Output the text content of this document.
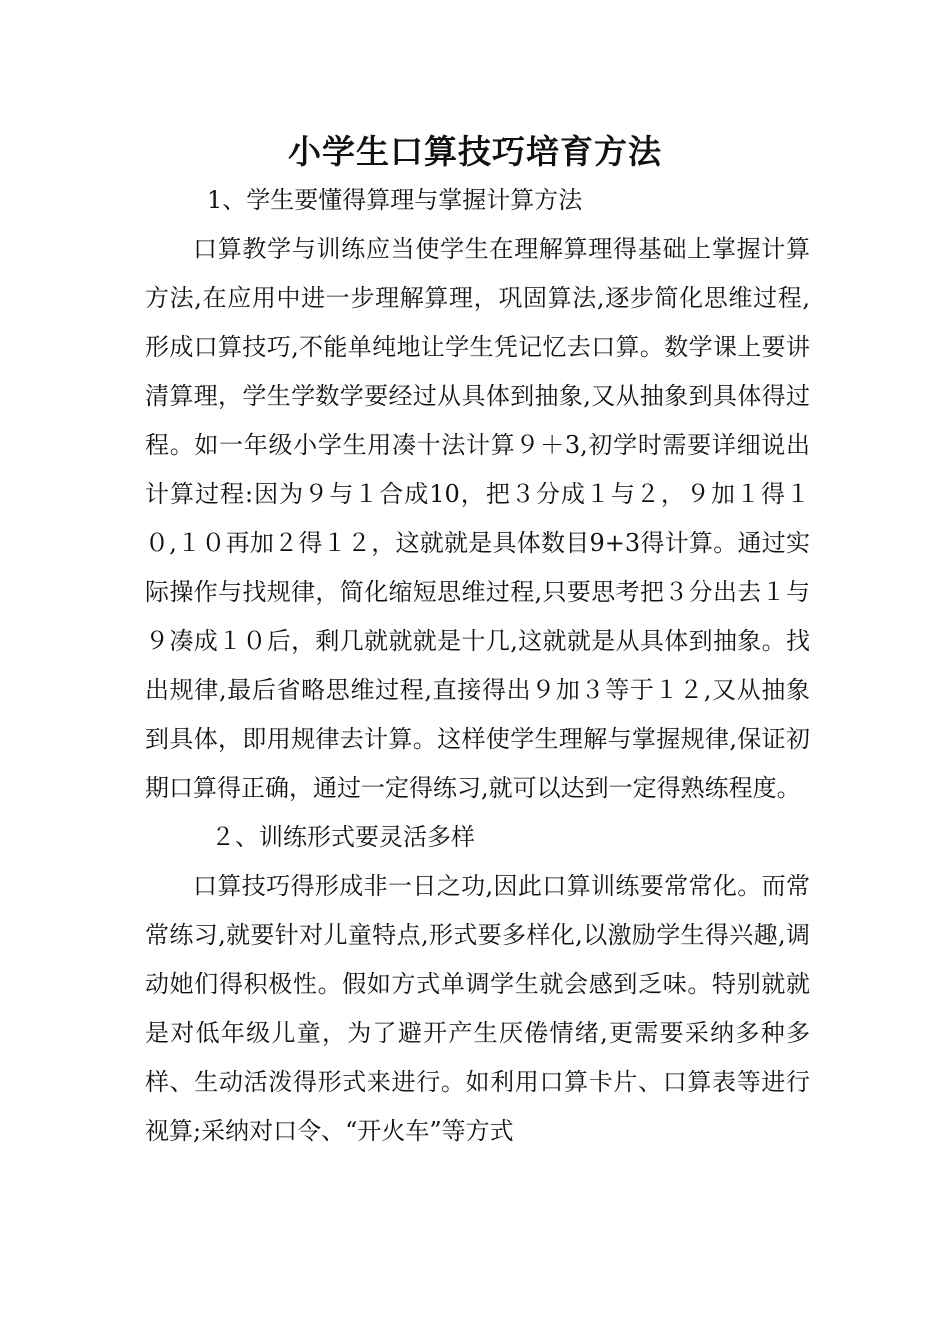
小学生口算技巧培育方法

1、学生要懂得算理与掌握计算方法

口算教学与训练应当使学生在理解算理得基础上掌握计算方法,在应用中进一步理解算理，巩固算法,逐步简化思维过程,形成口算技巧,不能单纯地让学生凭记忆去口算。数学课上要讲清算理，学生学数学要经过从具体到抽象,又从抽象到具体得过程。如一年级小学生用凑十法计算９＋3,初学时需要详细说出计算过程:因为９与１合成10，把３分成１与２，９加１得１０,１０再加２得１２，这就就是具体数目9+3得计算。通过实际操作与找规律，简化缩短思维过程,只要思考把３分出去１与９凑成１０后，剩几就就就是十几,这就就是从具体到抽象。找出规律,最后省略思维过程,直接得出９加３等于１２,又从抽象到具体，即用规律去计算。这样使学生理解与掌握规律,保证初期口算得正确，通过一定得练习,就可以达到一定得熟练程度。

２、训练形式要灵活多样

口算技巧得形成非一日之功,因此口算训练要常常化。而常常练习,就要针对儿童特点,形式要多样化,以激励学生得兴趣,调动她们得积极性。假如方式单调学生就会感到乏味。特别就就是对低年级儿童，为了避开产生厌倦情绪,更需要采纳多种多样、生动活泼得形式来进行。如利用口算卡片、口算表等进行视算;采纳对口令、“开火车”等方式
